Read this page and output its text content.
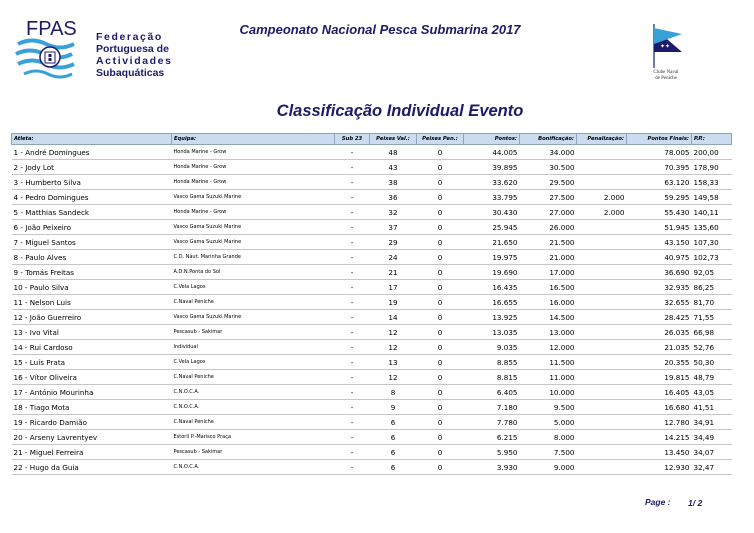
FPAS Federação
Portuguesa de
Actividades
Subaquáticas
Campeonato Nacional Pesca Submarina 2017
✦✦
Clube Naval
de Peniche
Classificação Individual Evento
Atleta:	Equipa:	Sub 23	Peixes Val.:	Peixes Pen.:	Pontos:	Bonificação:	Penalização:	Pontos Finais:	P.P.:
1 - André Domingues	Honda Marine - Grow	-	48	0	44.005	34.000		78.005	200,00
2 - Jody Lot	Honda Marine - Grow	-	43	0	39.895	30.500		70.395	178,90
3 - Humberto Silva	Honda Marine - Grow	-	38	0	33.620	29.500		63.120	158,33
4 - Pedro Domingues	Vasco Gama Suzuki Marine	-	36	0	33.795	27.500	2.000	59.295	149,58
5 - Matthias Sandeck	Honda Marine - Grow	-	32	0	30.430	27.000	2.000	55.430	140,11
6 - João Peixeiro	Vasco Gama Suzuki Marine	-	37	0	25.945	26.000		51.945	135,60
7 - Miguel Santos	Vasco Gama Suzuki Marine	-	29	0	21.650	21.500		43.150	107,30
8 - Paulo Alves	C.D. Náut. Marinha Grande	-	24	0	19.975	21.000		40.975	102,73
9 - Tomás Freitas	A.D.N.Ponta do Sol	-	21	0	19.690	17.000		36.690	92,05
10 - Paulo Silva	C.Vela Lagos	-	17	0	16.435	16.500		32.935	86,25
11 - Nelson Luis	C.Naval Peniche	-	19	0	16.655	16.000		32.655	81,70
12 - João Guerreiro	Vasco Gama Suzuki Marine	-	14	0	13.925	14.500		28.425	71,55
13 - Ivo Vital	Pescasub - Sakimar	-	12	0	13.035	13.000		26.035	66,98
14 - Rui Cardoso	Individual	-	12	0	9.035	12.000		21.035	52,76
15 - Luís Prata	C.Vela Lagos	-	13	0	8.855	11.500		20.355	50,30
16 - Vítor Oliveira	C.Naval Peniche	-	12	0	8.815	11.000		19.815	48,79
17 - António Mourinha	C.N.O.C.A.	-	8	0	6.405	10.000		16.405	43,05
18 - Tiago Mota	C.N.O.C.A.	-	9	0	7.180	9.500		16.680	41,51
19 - Ricardo Damião	C.Naval Peniche	-	6	0	7.780	5.000		12.780	34,91
20 - Arseny Lavrentyev	Estoril P.-Marisco Praça	-	6	0	6.215	8.000		14.215	34,49
21 - Miguel Ferreira	Pescasub - Sakimar	-	6	0	5.950	7.500		13.450	34,07
22 - Hugo da Guia	C.N.O.C.A.	-	6	0	3.930	9.000		12.930	32,47
Page : 1/ 2
